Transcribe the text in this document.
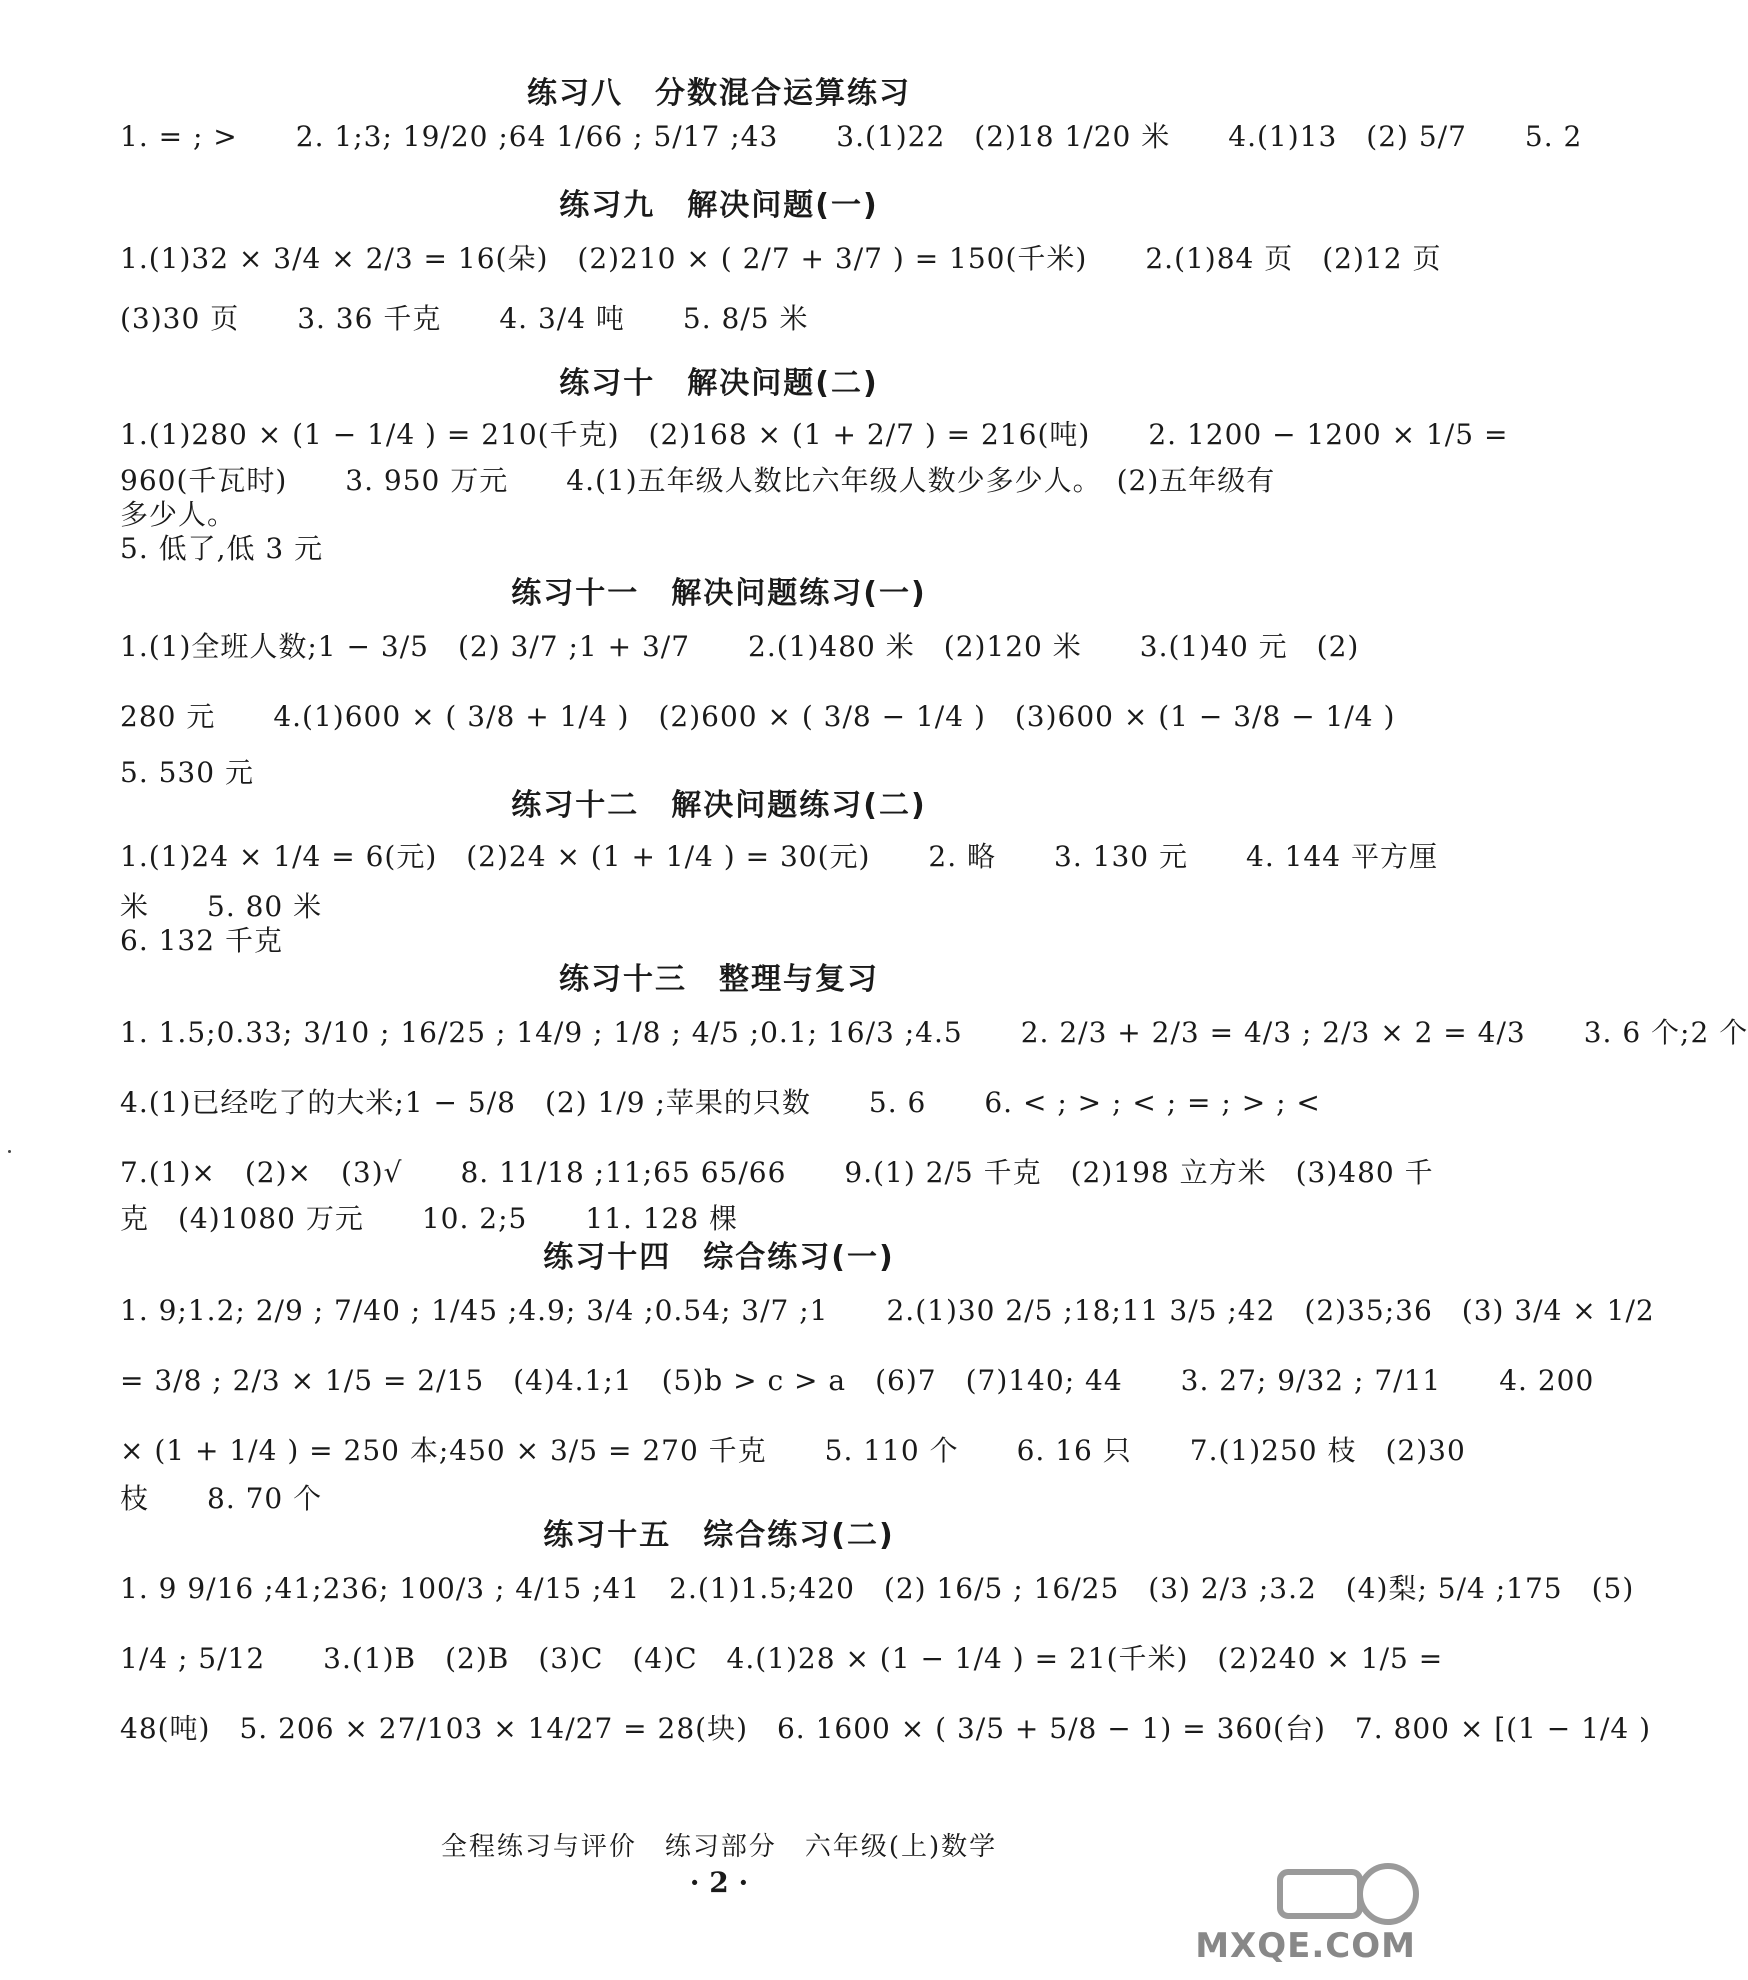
练习八　分数混合运算练习

1. = ; >　　2. 1;3; 19/20 ;64 1/66 ; 5/17 ;43　　3.(1)22　(2)18 1/20 米　　4.(1)13　(2) 5/7　　5. 2

练习九　解决问题(一)

1.(1)32 × 3/4 × 2/3 = 16(朵)　(2)210 × ( 2/7 + 3/7 ) = 150(千米)　　2.(1)84 页　(2)12 页

(3)30 页　　3. 36 千克　　4. 3/4 吨　　5. 8/5 米

练习十　解决问题(二)

1.(1)280 × (1 − 1/4 ) = 210(千克)　(2)168 × (1 + 2/7 ) = 216(吨)　　2. 1200 − 1200 × 1/5 =

960(千瓦时)　　3. 950 万元　　4.(1)五年级人数比六年级人数少多少人。　(2)五年级有

多少人。

5. 低了,低 3 元

练习十一　解决问题练习(一)

1.(1)全班人数;1 − 3/5　(2) 3/7 ;1 + 3/7　　2.(1)480 米　(2)120 米　　3.(1)40 元　(2)

280 元　　4.(1)600 × ( 3/8 + 1/4 )　(2)600 × ( 3/8 − 1/4 )　(3)600 × (1 − 3/8 − 1/4 )

5. 530 元

练习十二　解决问题练习(二)

1.(1)24 × 1/4 = 6(元)　(2)24 × (1 + 1/4 ) = 30(元)　　2. 略　　3. 130 元　　4. 144 平方厘

米　　5. 80 米

6. 132 千克

练习十三　整理与复习

1. 1.5;0.33; 3/10 ; 16/25 ; 14/9 ; 1/8 ; 4/5 ;0.1; 16/3 ;4.5　　2. 2/3 + 2/3 = 4/3 ; 2/3 × 2 = 4/3　　3. 6 个;2 个

4.(1)已经吃了的大米;1 − 5/8　(2) 1/9 ;苹果的只数　　5. 6　　6. < ; > ; < ; = ; > ; <

7.(1)×　(2)×　(3)√　　8. 11/18 ;11;65 65/66　　9.(1) 2/5 千克　(2)198 立方米　(3)480 千

克　(4)1080 万元　　10. 2;5　　11. 128 棵

练习十四　综合练习(一)

1. 9;1.2; 2/9 ; 7/40 ; 1/45 ;4.9; 3/4 ;0.54; 3/7 ;1　　2.(1)30 2/5 ;18;11 3/5 ;42　(2)35;36　(3) 3/4 × 1/2

= 3/8 ; 2/3 × 1/5 = 2/15　(4)4.1;1　(5)b > c > a　(6)7　(7)140; 44　　3. 27; 9/32 ; 7/11　　4. 200

× (1 + 1/4 ) = 250 本;450 × 3/5 = 270 千克　　5. 110 个　　6. 16 只　　7.(1)250 枝　(2)30

枝　　8. 70 个

练习十五　综合练习(二)

1. 9 9/16 ;41;236; 100/3 ; 4/15 ;41　2.(1)1.5;420　(2) 16/5 ; 16/25　(3) 2/3 ;3.2　(4)梨; 5/4 ;175　(5)

1/4 ; 5/12　　3.(1)B　(2)B　(3)C　(4)C　4.(1)28 × (1 − 1/4 ) = 21(千米)　(2)240 × 1/5 =

48(吨)　5. 206 × 27/103 × 14/27 = 28(块)　6. 1600 × ( 3/5 + 5/8 − 1) = 360(台)　7. 800 × [(1 − 1/4 )

全程练习与评价　练习部分　六年级(上)数学
· 2 ·
MXQE.COM
